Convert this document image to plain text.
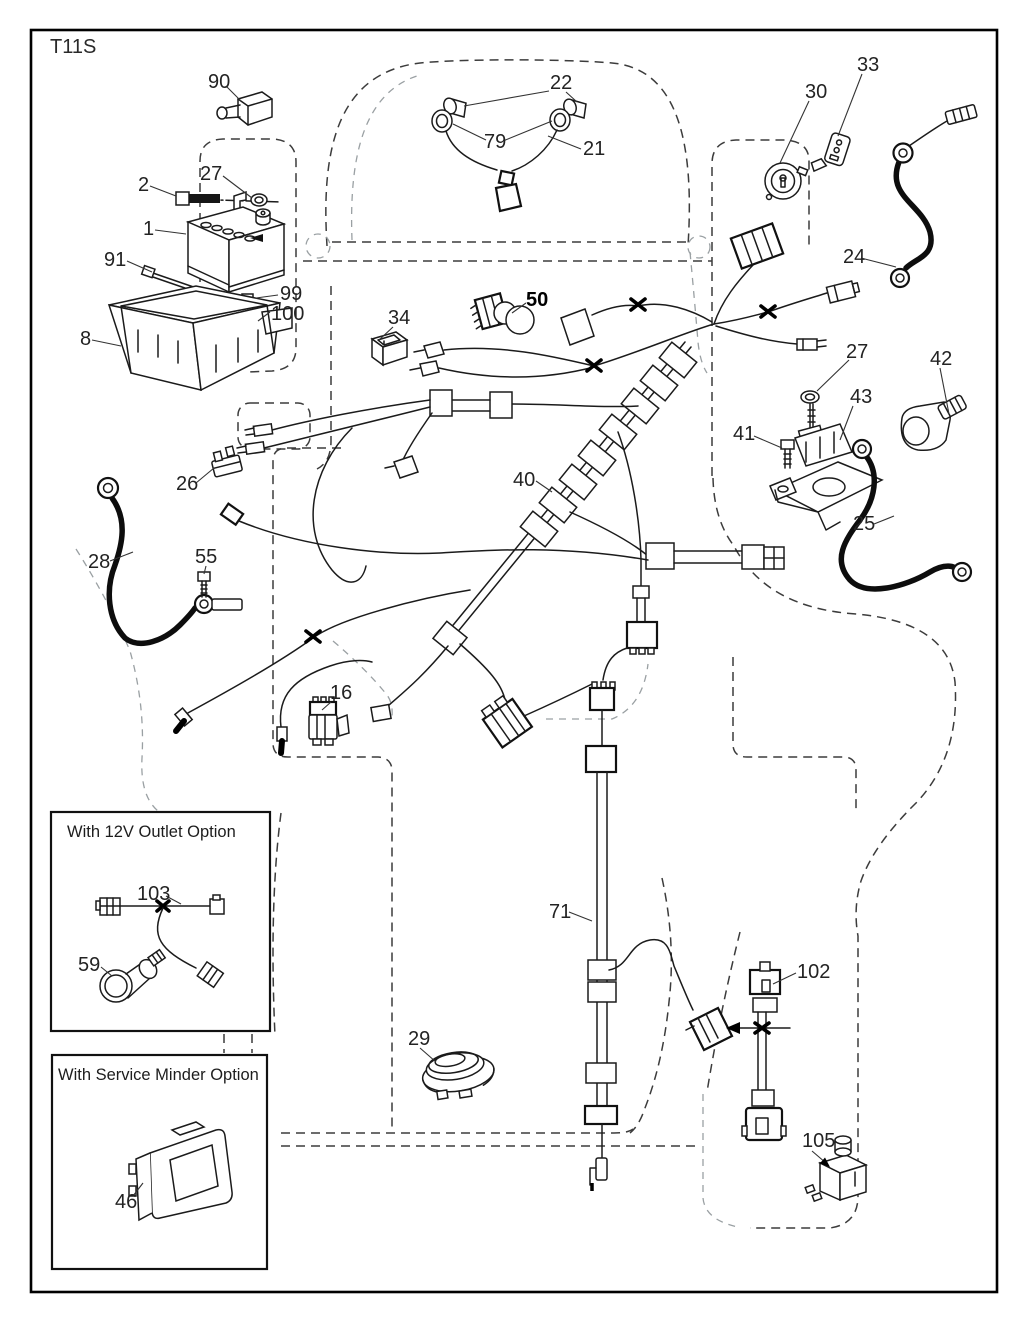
With 12V Outlet Option
With Service Minder Option
T11S
90
2	27
1
91
99
100
8
22
79	21
30
33
24
34
50
27	42
43
41
25
26	40
28	55
16
71
102
29
105
103
59
46
